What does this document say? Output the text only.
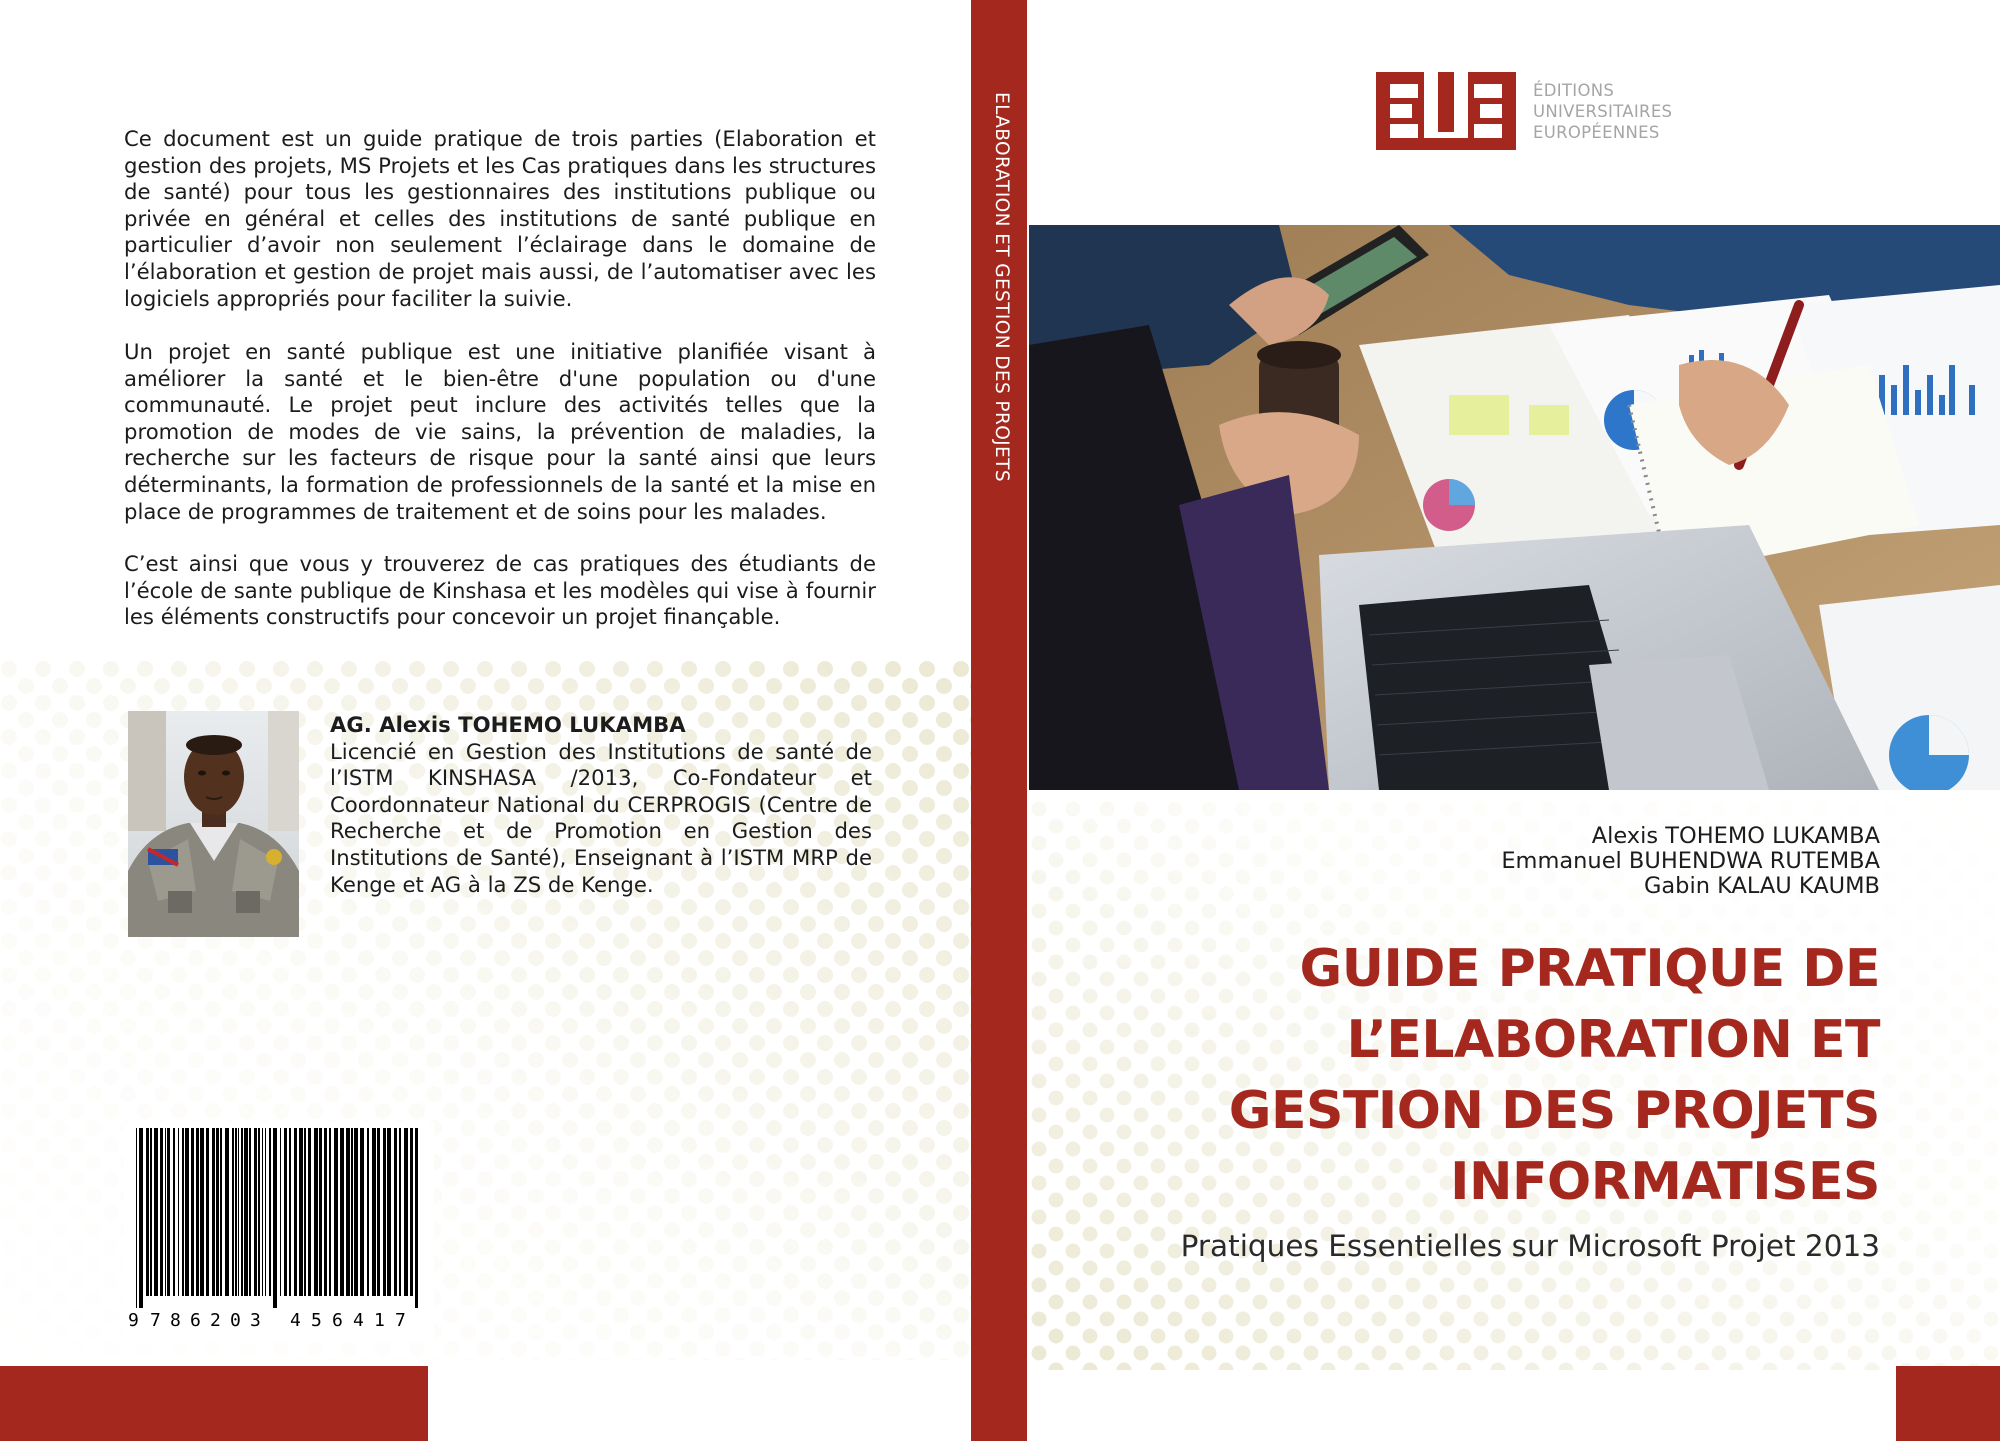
Ce document est un guide pratique de trois parties (Elaboration et gestion des projets, MS Projets et les Cas pratiques dans les structures de santé) pour tous les gestionnaires des institutions publique ou privée en général et celles des institutions de santé publique en particulier d’avoir non seulement l’éclairage dans le domaine de l’élaboration et gestion de projet mais aussi, de l’automatiser avec les logiciels appropriés pour faciliter la suivie.

Un projet en santé publique est une initiative planifiée visant à améliorer la santé et le bien-être d'une population ou d'une communauté. Le projet peut inclure des activités telles que la promotion de modes de vie sains, la prévention de maladies, la recherche sur les facteurs de risque pour la santé ainsi que leurs déterminants, la formation de professionnels de la santé et la mise en place de programmes de traitement et de soins pour les malades.

C’est ainsi que vous y trouverez de cas pratiques des étudiants de l’école de sante publique de Kinshasa et les modèles qui vise à fournir les éléments constructifs pour concevoir un projet finançable.

AG. Alexis TOHEMO LUKAMBA
Licencié en Gestion des Institutions de santé de l’ISTM KINSHASA /2013, Co-Fondateur et Coordonnateur National du CERPROGIS (Centre de Recherche et de Promotion en Gestion des Institutions de Santé), Enseignant à l’ISTM MRP de Kenge et AG à la ZS de Kenge.

9 7 8 6 2 0 3 4 5 6 4 1 7
ELABORATION ET GESTION DES PROJETS
ÉDITIONS
UNIVERSITAIRES
EUROPÉENNES
Alexis TOHEMO LUKAMBA
Emmanuel BUHENDWA RUTEMBA
Gabin KALAU KAUMB
GUIDE PRATIQUE DE
L’ELABORATION ET
GESTION DES PROJETS
INFORMATISES
Pratiques Essentielles sur Microsoft Projet 2013
